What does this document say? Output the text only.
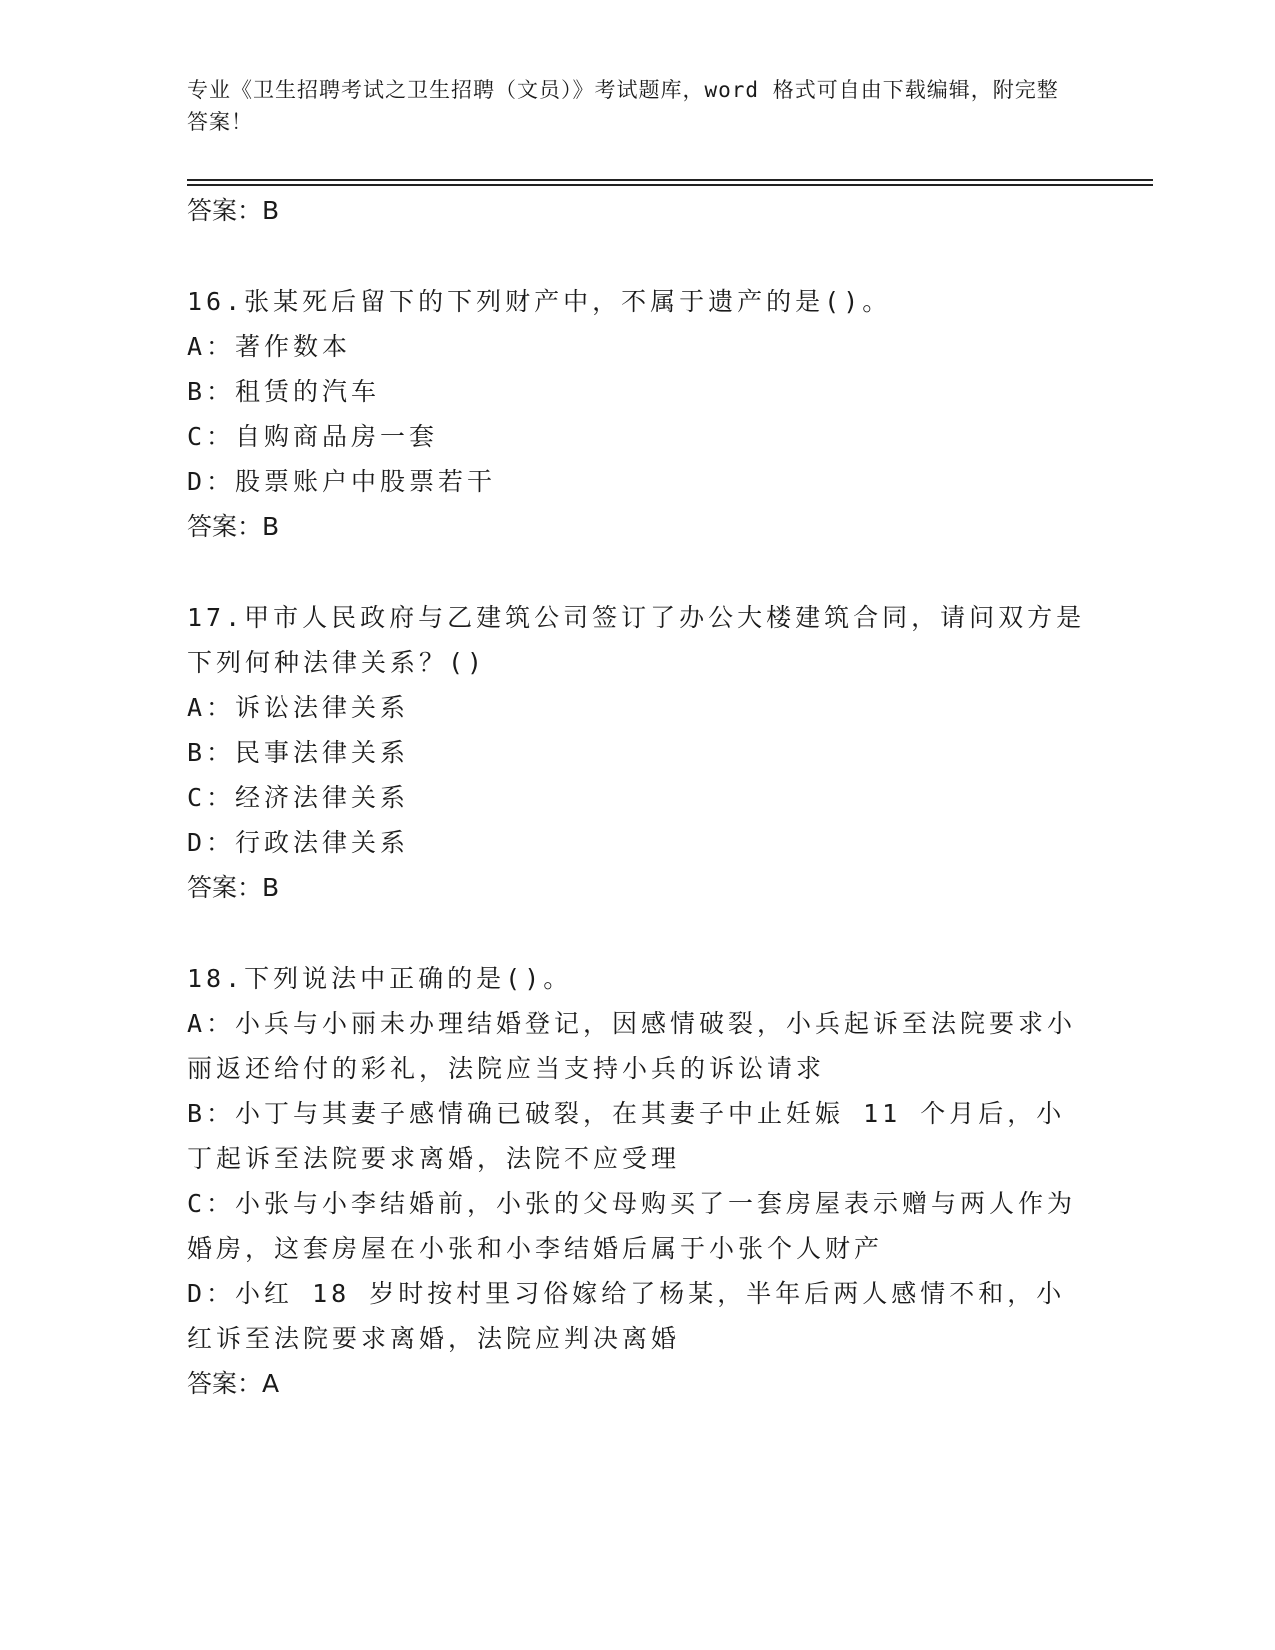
专业《卫生招聘考试之卫生招聘（文员）》考试题库，word 格式可自由下载编辑，附完整答案！
答案：B
16.张某死后留下的下列财产中，不属于遗产的是()。
A：著作数本
B：租赁的汽车
C：自购商品房一套
D：股票账户中股票若干
答案：B
17.甲市人民政府与乙建筑公司签订了办公大楼建筑合同，请问双方是下列何种法律关系？()
A：诉讼法律关系
B：民事法律关系
C：经济法律关系
D：行政法律关系
答案：B
18.下列说法中正确的是()。
A：小兵与小丽未办理结婚登记，因感情破裂，小兵起诉至法院要求小丽返还给付的彩礼，法院应当支持小兵的诉讼请求
B：小丁与其妻子感情确已破裂，在其妻子中止妊娠 11 个月后，小丁起诉至法院要求离婚，法院不应受理
C：小张与小李结婚前，小张的父母购买了一套房屋表示赠与两人作为婚房，这套房屋在小张和小李结婚后属于小张个人财产
D：小红 18 岁时按村里习俗嫁给了杨某，半年后两人感情不和，小红诉至法院要求离婚，法院应判决离婚
答案：A
